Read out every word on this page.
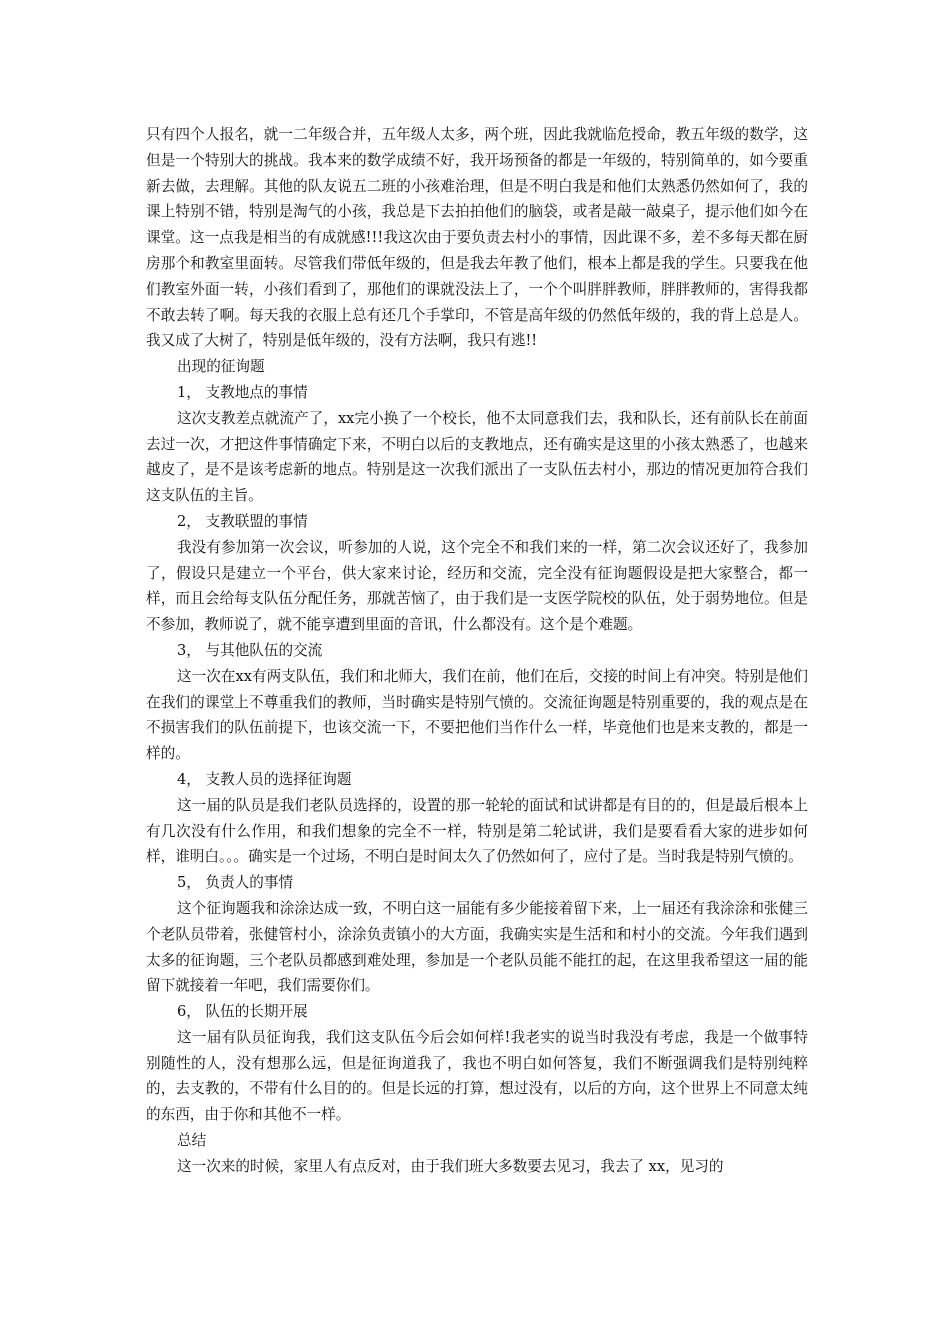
只有四个人报名，就一二年级合并，五年级人太多，两个班，因此我就临危授命，教五年级的数学，这但是一个特别大的挑战。我本来的数学成绩不好，我开场预备的都是一年级的，特别简单的，如今要重新去做，去理解。其他的队友说五二班的小孩难治理，但是不明白我是和他们太熟悉仍然如何了，我的课上特别不错，特别是淘气的小孩，我总是下去拍拍他们的脑袋，或者是敲一敲桌子，提示他们如今在课堂。这一点我是相当的有成就感!!!我这次由于要负责去村小的事情，因此课不多，差不多每天都在厨房那个和教室里面转。尽管我们带低年级的，但是我去年教了他们，根本上都是我的学生。只要我在他们教室外面一转，小孩们看到了，那他们的课就没法上了，一个个叫胖胖教师，胖胖教师的，害得我都不敢去转了啊。每天我的衣服上总有还几个手掌印，不管是高年级的仍然低年级的，我的背上总是人。我又成了大树了，特别是低年级的，没有方法啊，我只有逃!!

出现的征询题

1， 支教地点的事情

这次支教差点就流产了，xx完小换了一个校长，他不太同意我们去，我和队长，还有前队长在前面去过一次，才把这件事情确定下来，不明白以后的支教地点，还有确实是这里的小孩太熟悉了，也越来越皮了，是不是该考虑新的地点。特别是这一次我们派出了一支队伍去村小，那边的情况更加符合我们这支队伍的主旨。

2， 支教联盟的事情

我没有参加第一次会议，听参加的人说，这个完全不和我们来的一样，第二次会议还好了，我参加了，假设只是建立一个平台，供大家来讨论，经历和交流，完全没有征询题假设是把大家整合，都一样，而且会给每支队伍分配任务，那就苦恼了，由于我们是一支医学院校的队伍，处于弱势地位。但是不参加，教师说了，就不能享遭到里面的音讯，什么都没有。这个是个难题。

3， 与其他队伍的交流

这一次在xx有两支队伍，我们和北师大，我们在前，他们在后，交接的时间上有冲突。特别是他们在我们的课堂上不尊重我们的教师，当时确实是特别气愤的。交流征询题是特别重要的，我的观点是在不损害我们的队伍前提下，也该交流一下，不要把他们当作什么一样，毕竟他们也是来支教的，都是一样的。

4， 支教人员的选择征询题

这一届的队员是我们老队员选择的，设置的那一轮轮的面试和试讲都是有目的的，但是最后根本上有几次没有什么作用，和我们想象的完全不一样，特别是第二轮试讲，我们是要看看大家的进步如何样，谁明白。。。确实是一个过场，不明白是时间太久了仍然如何了，应付了是。当时我是特别气愤的。

5， 负责人的事情

这个征询题我和涂涂达成一致，不明白这一届能有多少能接着留下来，上一届还有我涂涂和张健三个老队员带着，张健管村小，涂涂负责镇小的大方面，我确实实是生活和和村小的交流。今年我们遇到太多的征询题，三个老队员都感到难处理，参加是一个老队员能不能扛的起，在这里我希望这一届的能留下就接着一年吧，我们需要你们。

6， 队伍的长期开展

这一届有队员征询我，我们这支队伍今后会如何样!我老实的说当时我没有考虑，我是一个做事特别随性的人，没有想那么远，但是征询道我了，我也不明白如何答复，我们不断强调我们是特别纯粹的，去支教的，不带有什么目的的。但是长远的打算，想过没有，以后的方向，这个世界上不同意太纯的东西，由于你和其他不一样。

总结

这一次来的时候，家里人有点反对，由于我们班大多数要去见习，我去了 xx，见习的
